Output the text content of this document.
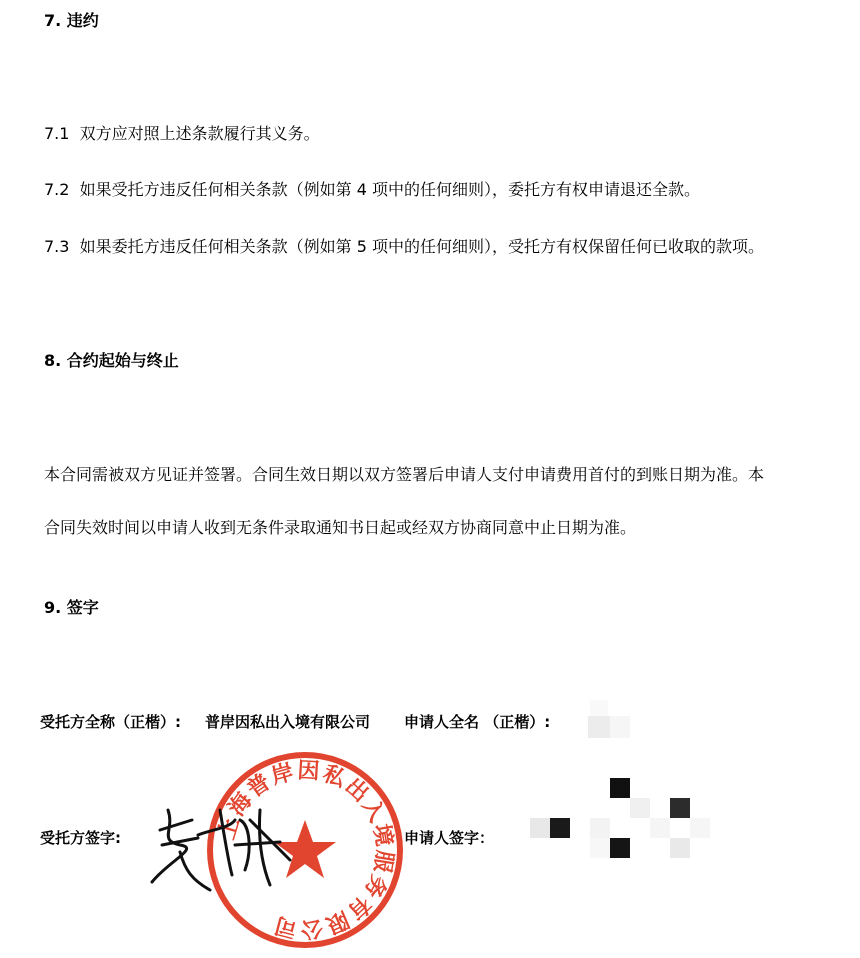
7. 违约
7.1 双方应对照上述条款履行其义务。
7.2 如果受托方违反任何相关条款（例如第 4 项中的任何细则），委托方有权申请退还全款。
7.3 如果委托方违反任何相关条款（例如第 5 项中的任何细则），受托方有权保留任何已收取的款项。
8. 合约起始与终止
本合同需被双方见证并签署。合同生效日期以双方签署后申请人支付申请费用首付的到账日期为准。本
合同失效时间以申请人收到无条件录取通知书日起或经双方协商同意中止日期为准。
9. 签字
受托方全称（正楷）: 普岸因私出入境有限公司 申请人全名 （正楷）:
上海普岸因私出入境服务有限公司
受托方签字:	申请人签字：
